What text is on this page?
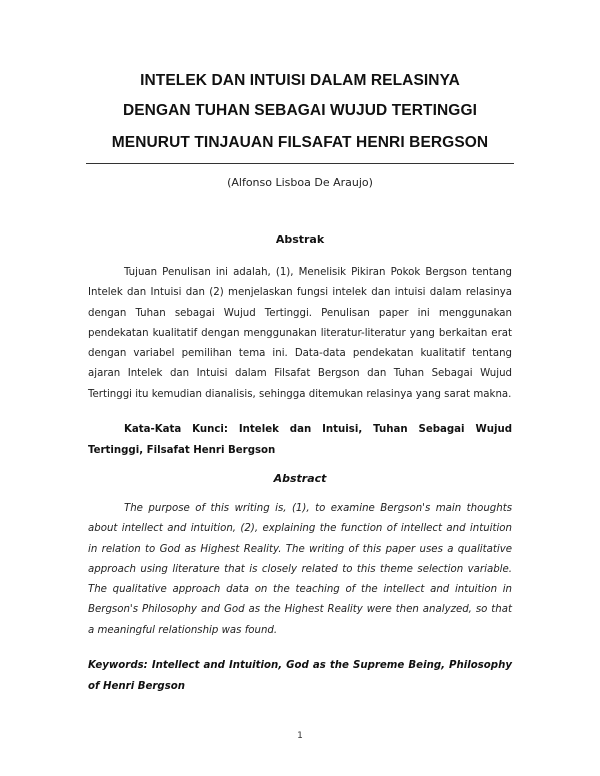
INTELEK DAN INTUISI DALAM RELASINYA
DENGAN TUHAN SEBAGAI WUJUD TERTINGGI
MENURUT TINJAUAN FILSAFAT HENRI BERGSON
(Alfonso Lisboa De Araujo)
Abstrak

Tujuan Penulisan ini adalah, (1), Menelisik Pikiran Pokok Bergson tentang Intelek dan Intuisi dan (2) menjelaskan fungsi intelek dan intuisi dalam relasinya dengan Tuhan sebagai Wujud Tertinggi. Penulisan paper ini menggunakan pendekatan kualitatif dengan menggunakan literatur-literatur yang berkaitan erat dengan variabel pemilihan tema ini. Data-data pendekatan kualitatif tentang ajaran Intelek dan Intuisi dalam Filsafat Bergson dan Tuhan Sebagai Wujud Tertinggi itu kemudian dianalisis, sehingga ditemukan relasinya yang sarat makna.

Kata-Kata Kunci: Intelek dan Intuisi, Tuhan Sebagai Wujud Tertinggi, Filsafat Henri Bergson

Abstract

The purpose of this writing is, (1), to examine Bergson's main thoughts about intellect and intuition, (2), explaining the function of intellect and intuition in relation to God as Highest Reality. The writing of this paper uses a qualitative approach using literature that is closely related to this theme selection variable. The qualitative approach data on the teaching of the intellect and intuition in Bergson's Philosophy and God as the Highest Reality were then analyzed, so that a meaningful relationship was found.

Keywords: Intellect and Intuition, God as the Supreme Being, Philosophy of Henri Bergson

1
